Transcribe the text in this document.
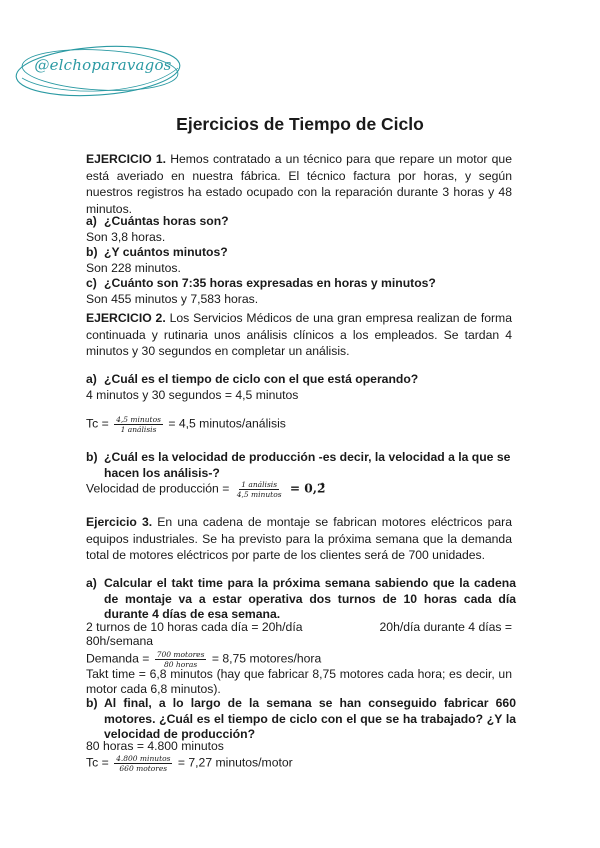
@elchoparavagos
Ejercicios de Tiempo de Ciclo
EJERCICIO 1. Hemos contratado a un técnico para que repare un motor que está averiado en nuestra fábrica. El técnico factura por horas, y según nuestros registros ha estado ocupado con la reparación durante 3 horas y 48 minutos.
a) ¿Cuántas horas son?
Son 3,8 horas.
b) ¿Y cuántos minutos?
Son 228 minutos.
c) ¿Cuánto son 7:35 horas expresadas en horas y minutos?
Son 455 minutos y 7,583 horas.
EJERCICIO 2. Los Servicios Médicos de una gran empresa realizan de forma continuada y rutinaria unos análisis clínicos a los empleados. Se tardan 4 minutos y 30 segundos en completar un análisis.
a) ¿Cuál es el tiempo de ciclo con el que está operando?
4 minutos y 30 segundos = 4,5 minutos
$Tc = \frac{\text{4,5 minutos}}{\text{1 análisis}} = 4,5$ minutos/análisis
b) ¿Cuál es la velocidad de producción -es decir, la velocidad a la que se hacen los análisis-?
Velocidad de producción = $\frac{\text{1 análisis}}{\text{4,5 minutos}}$ = 0,2̂
Ejercicio 3. En una cadena de montaje se fabrican motores eléctricos para equipos industriales. Se ha previsto para la próxima semana que la demanda total de motores eléctricos por parte de los clientes será de 700 unidades.
a) Calcular el takt time para la próxima semana sabiendo que la cadena de montaje va a estar operativa dos turnos de 10 horas cada día durante 4 días de esa semana.
2 turnos de 10 horas cada día = 20h/día	20h/día durante 4 días =
80h/semana
Demanda = $\frac{\text{700 motores}}{\text{80 horas}} = 8,75$ motores/hora
Takt time = 6,8 minutos (hay que fabricar 8,75 motores cada hora; es decir, un motor cada 6,8 minutos).
b) Al final, a lo largo de la semana se han conseguido fabricar 660 motores. ¿Cuál es el tiempo de ciclo con el que se ha trabajado? ¿Y la velocidad de producción?
80 horas = 4.800 minutos
$Tc = \frac{\text{4.800 minutos}}{\text{660 motores}} = 7,27$ minutos/motor
